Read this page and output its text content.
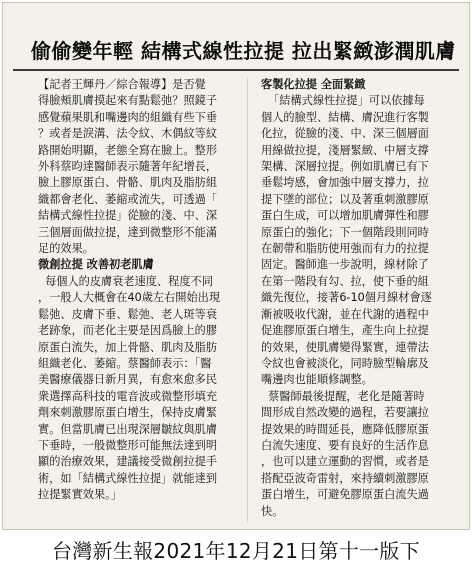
偷偷變年輕 結構式線性拉提 拉出緊緻澎潤肌膚
【記者王輝丹／綜合報導】是否覺
得臉頰肌膚摸起來有點鬆弛？照鏡子
感覺蘋果肌和嘴邊肉的組織有些下垂
？或者是淚溝、法令紋、木偶紋等紋
路開始明顯，老態全寫在臉上。整形
外科蔡昀達醫師表示隨著年紀增長，
臉上膠原蛋白、骨骼、肌肉及脂肪組
織都會老化、萎縮或流失，可透過「
結構式線性拉提」從臉的淺、中、深
三個層面做拉提，達到微整形不能滿
足的效果。
微創拉提 改善初老肌膚
每個人的皮膚衰老速度、程度不同
，一般人大概會在40歲左右開始出現
鬆弛、皮膚下垂、鬆弛、老人斑等衰
老跡象，而老化主要是因爲臉上的膠
原蛋白流失，加上骨骼、肌肉及脂肪
組織老化、萎縮。蔡醫師表示：「醫
美醫療儀器日新月異，有愈來愈多民
衆選擇高科技的電音波或微整形填充
劑來刺激膠原蛋白增生，保持皮膚緊
實。但當肌膚已出現深層皺紋與肌膚
下垂時，一般微整形可能無法達到明
顯的治療效果，建議接受微創拉提手
術，如「結構式線性拉提」就能達到
拉提緊實效果。」
客製化拉提 全面緊緻
「結構式線性拉提」可以依據每
個人的臉型、結構、膚況進行客製
化拉，從臉的淺、中、深三個層面
用線做拉提，淺層緊緻、中層支撐
架構、深層拉提。例如肌膚已有下
垂鬆垮感，會加強中層支撐力，拉
提下墜的部位；以及著重刺激膠原
蛋白生成，可以增加肌膚彈性和膠
原蛋白的強化；下一個階段則同時
在韌帶和脂肪使用強而有力的拉提
固定。醫師進一步說明，線材除了
在第一階段有勾、拉，使下垂的組
織先復位，接著6-10個月線材會逐
漸被吸收代謝，並在代謝的過程中
促進膠原蛋白增生，產生向上拉提
的效果，使肌膚變得緊實，連帶法
令紋也會被淡化，同時臉型輪廓及
嘴邊肉也能順修調整。
蔡醫師最後提醒，老化是隨著時
間形成自然改變的過程，若要讓拉
提效果的時間延長，應降低膠原蛋
白流失速度、要有良好的生活作息
，也可以建立運動的習慣，或者是
搭配亞波奇雷射，來持續刺激膠原
蛋白增生，可避免膠原蛋白流失過
快。
台灣新生報2021年12月21日第十一版下
